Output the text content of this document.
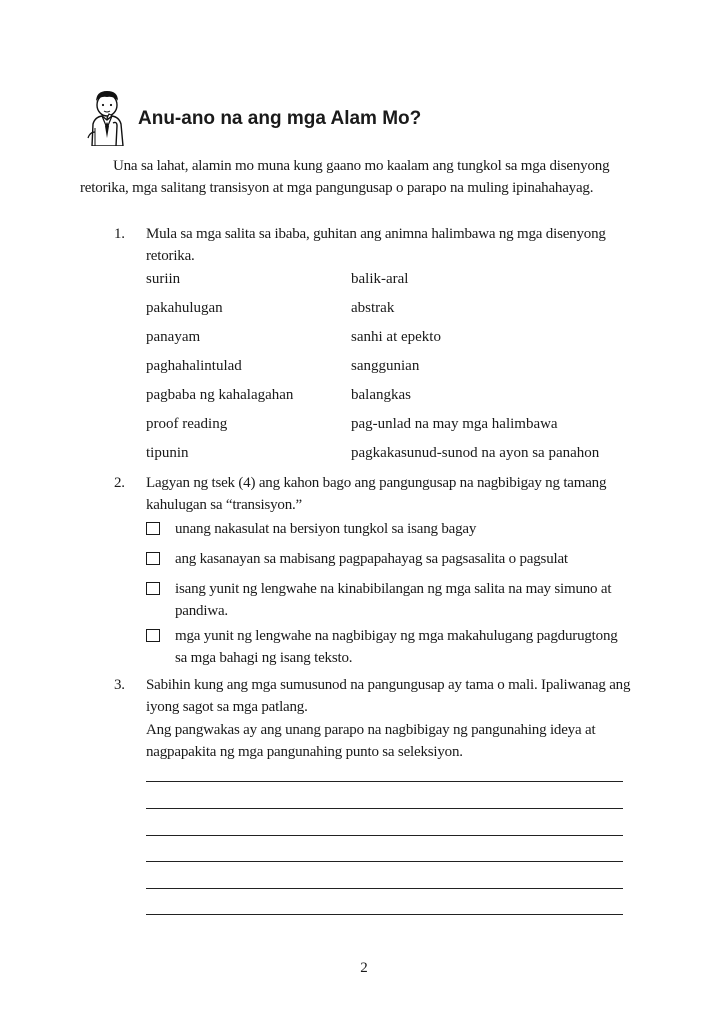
Anu-ano na ang mga Alam Mo?
Una sa lahat, alamin mo muna kung gaano mo kaalam ang tungkol sa mga disenyong retorika, mga salitang transisyon at mga pangungusap o parapo na muling ipinahahayag.
1. Mula sa mga salita sa ibaba, guhitan ang animna halimbawa ng mga disenyong retorika.
suriin	balik-aral
pakahulugan	abstrak
panayam	sanhi at epekto
paghahalintulad	sanggunian
pagbaba ng kahalagahan	balangkas
proof reading	pag-unlad na may mga halimbawa
tipunin	pagkakasunud-sunod na ayon sa panahon
2. Lagyan ng tsek (4) ang kahon bago ang pangungusap na nagbibigay ng tamang kahulugan sa “transisyon.”
unang nakasulat na bersiyon tungkol sa isang bagay
ang kasanayan sa mabisang pagpapahayag sa pagsasalita o pagsulat
isang yunit ng lengwahe na kinabibilangan ng mga salita na may simuno at pandiwa.
mga yunit ng lengwahe na nagbibigay ng mga makahulugang pagdurugtong sa mga bahagi ng isang teksto.
3. Sabihin kung ang mga sumusunod na pangungusap ay tama o mali. Ipaliwanag ang iyong sagot sa mga patlang.
Ang pangwakas ay ang unang parapo na nagbibigay ng pangunahing ideya at nagpapakita ng mga pangunahing punto sa seleksiyon.
2
